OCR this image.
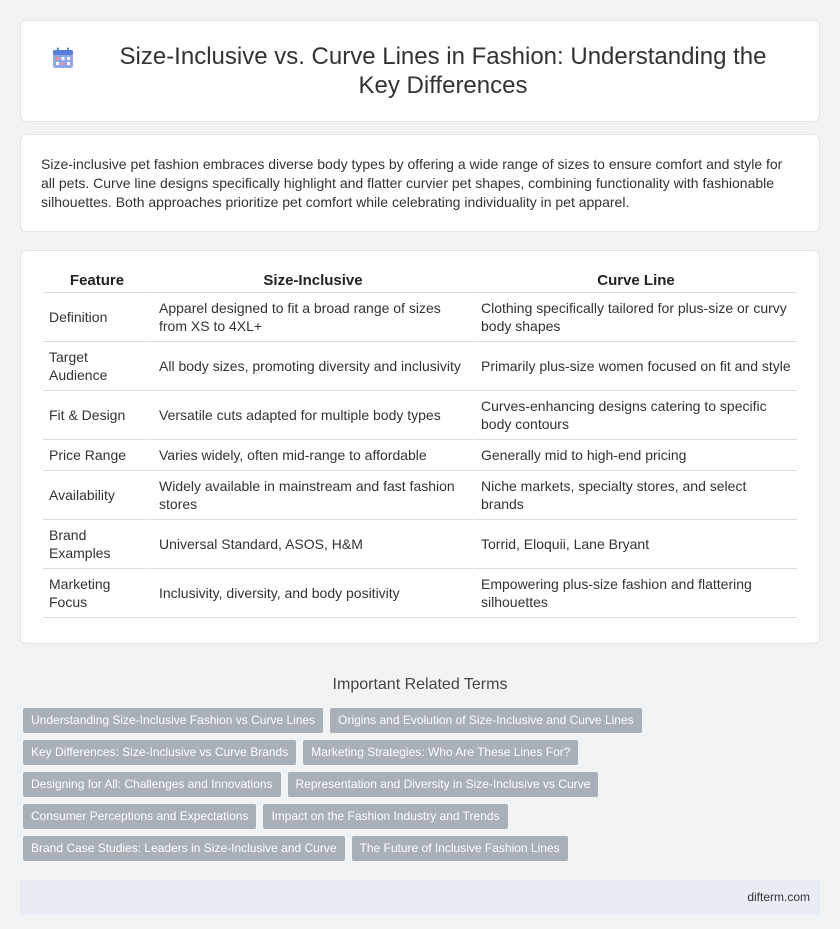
Size-Inclusive vs. Curve Lines in Fashion: Understanding the Key Differences

Size-inclusive pet fashion embraces diverse body types by offering a wide range of sizes to ensure comfort and style for all pets. Curve line designs specifically highlight and flatter curvier pet shapes, combining functionality with fashionable silhouettes. Both approaches prioritize pet comfort while celebrating individuality in pet apparel.

Feature	Size-Inclusive	Curve Line
Definition	Apparel designed to fit a broad range of sizes from XS to 4XL+	Clothing specifically tailored for plus-size or curvy body shapes
Target Audience	All body sizes, promoting diversity and inclusivity	Primarily plus-size women focused on fit and style
Fit & Design	Versatile cuts adapted for multiple body types	Curves-enhancing designs catering to specific body contours
Price Range	Varies widely, often mid-range to affordable	Generally mid to high-end pricing
Availability	Widely available in mainstream and fast fashion stores	Niche markets, specialty stores, and select brands
Brand Examples	Universal Standard, ASOS, H&M	Torrid, Eloquii, Lane Bryant
Marketing Focus	Inclusivity, diversity, and body positivity	Empowering plus-size fashion and flattering silhouettes
Important Related Terms
Understanding Size-Inclusive Fashion vs Curve Lines	Origins and Evolution of Size-Inclusive and Curve Lines
Key Differences: Size-Inclusive vs Curve Brands	Marketing Strategies: Who Are These Lines For?
Designing for All: Challenges and Innovations	Representation and Diversity in Size-Inclusive vs Curve
Consumer Perceptions and Expectations	Impact on the Fashion Industry and Trends
Brand Case Studies: Leaders in Size-Inclusive and Curve	The Future of Inclusive Fashion Lines
difterm.com
